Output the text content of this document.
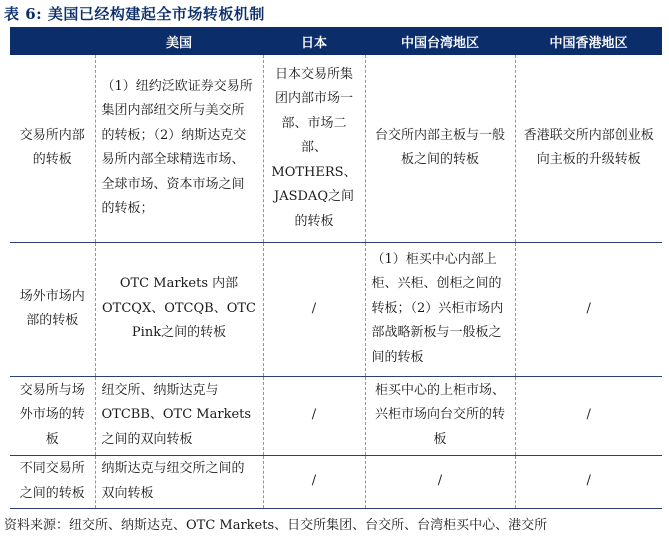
表 6: 美国已经构建起全市场转板机制
	美国	日本	中国台湾地区	中国香港地区
交易所内部的转板	（1）纽约泛欧证券交易所集团内部纽交所与美交所的转板；（2）纳斯达克交易所内部全球精选市场、全球市场、资本市场之间的转板；	日本交易所集团内部市场一部、市场二部、MOTHERS、JASDAQ之间的转板	台交所内部主板与一般板之间的转板	香港联交所内部创业板向主板的升级转板
场外市场内部的转板	OTC Markets 内部OTCQX、OTCQB、OTC Pink之间的转板	/	（1）柜买中心内部上柜、兴柜、创柜之间的转板；（2）兴柜市场内部战略新板与一般板之间的转板	/
交易所与场外市场的转板	纽交所、纳斯达克与OTCBB、OTC Markets之间的双向转板	/	柜买中心的上柜市场、兴柜市场向台交所的转板	/
不同交易所之间的转板	纳斯达克与纽交所之间的双向转板	/	/	/
资料来源：纽交所、纳斯达克、OTC Markets、日交所集团、台交所、台湾柜买中心、港交所
